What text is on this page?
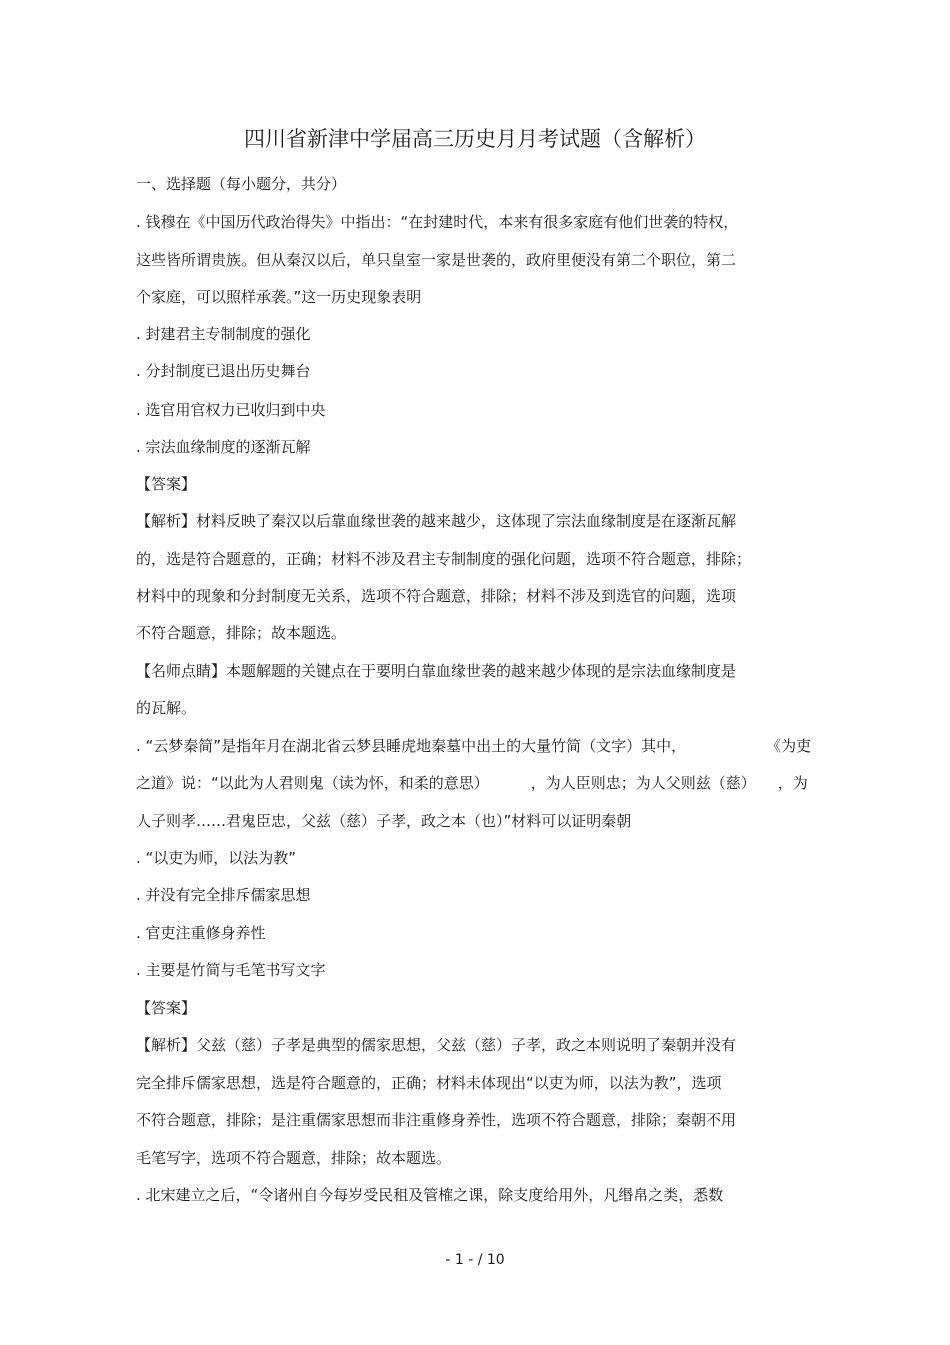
四川省新津中学届高三历史月月考试题（含解析）
一、选择题（每小题分，共分）
. 钱穆在《中国历代政治得失》中指出：“在封建时代，本来有很多家庭有他们世袭的特权，
这些皆所谓贵族。但从秦汉以后，单只皇室一家是世袭的，政府里便没有第二个职位，第二
个家庭，可以照样承袭。”这一历史现象表明
. 封建君主专制制度的强化
. 分封制度已退出历史舞台
. 选官用官权力已收归到中央
. 宗法血缘制度的逐渐瓦解
【答案】
【解析】材料反映了秦汉以后靠血缘世袭的越来越少，这体现了宗法血缘制度是在逐渐瓦解
的，选是符合题意的，正确；材料不涉及君主专制制度的强化问题，选项不符合题意，排除；
材料中的现象和分封制度无关系，选项不符合题意，排除；材料不涉及到选官的问题，选项
不符合题意，排除；故本题选。
【名师点睛】本题解题的关键点在于要明白靠血缘世袭的越来越少体现的是宗法血缘制度是
的瓦解。
. “云梦秦简”是指年月在湖北省云梦县睡虎地秦墓中出土的大量竹简（文字）其中，	《为吏
之道》说：“以此为人君则鬼（读为怀，和柔的意思）	，为人臣则忠；为人父则兹（慈） ，为
人子则孝……君鬼臣忠，父兹（慈）子孝，政之本（也）”材料可以证明秦朝
. “以吏为师，以法为教”
. 并没有完全排斥儒家思想
. 官吏注重修身养性
. 主要是竹简与毛笔书写文字
【答案】
【解析】父兹（慈）子孝是典型的儒家思想，父兹（慈）子孝，政之本则说明了秦朝并没有
完全排斥儒家思想，选是符合题意的，正确；材料未体现出“以吏为师，以法为教”，选项
不符合题意，排除；是注重儒家思想而非注重修身养性，选项不符合题意，排除；秦朝不用
毛笔写字，选项不符合题意，排除；故本题选。
. 北宋建立之后，“令诸州自今每岁受民租及管榷之课，除支度给用外，凡缗帛之类，悉数
- 1 - / 10
